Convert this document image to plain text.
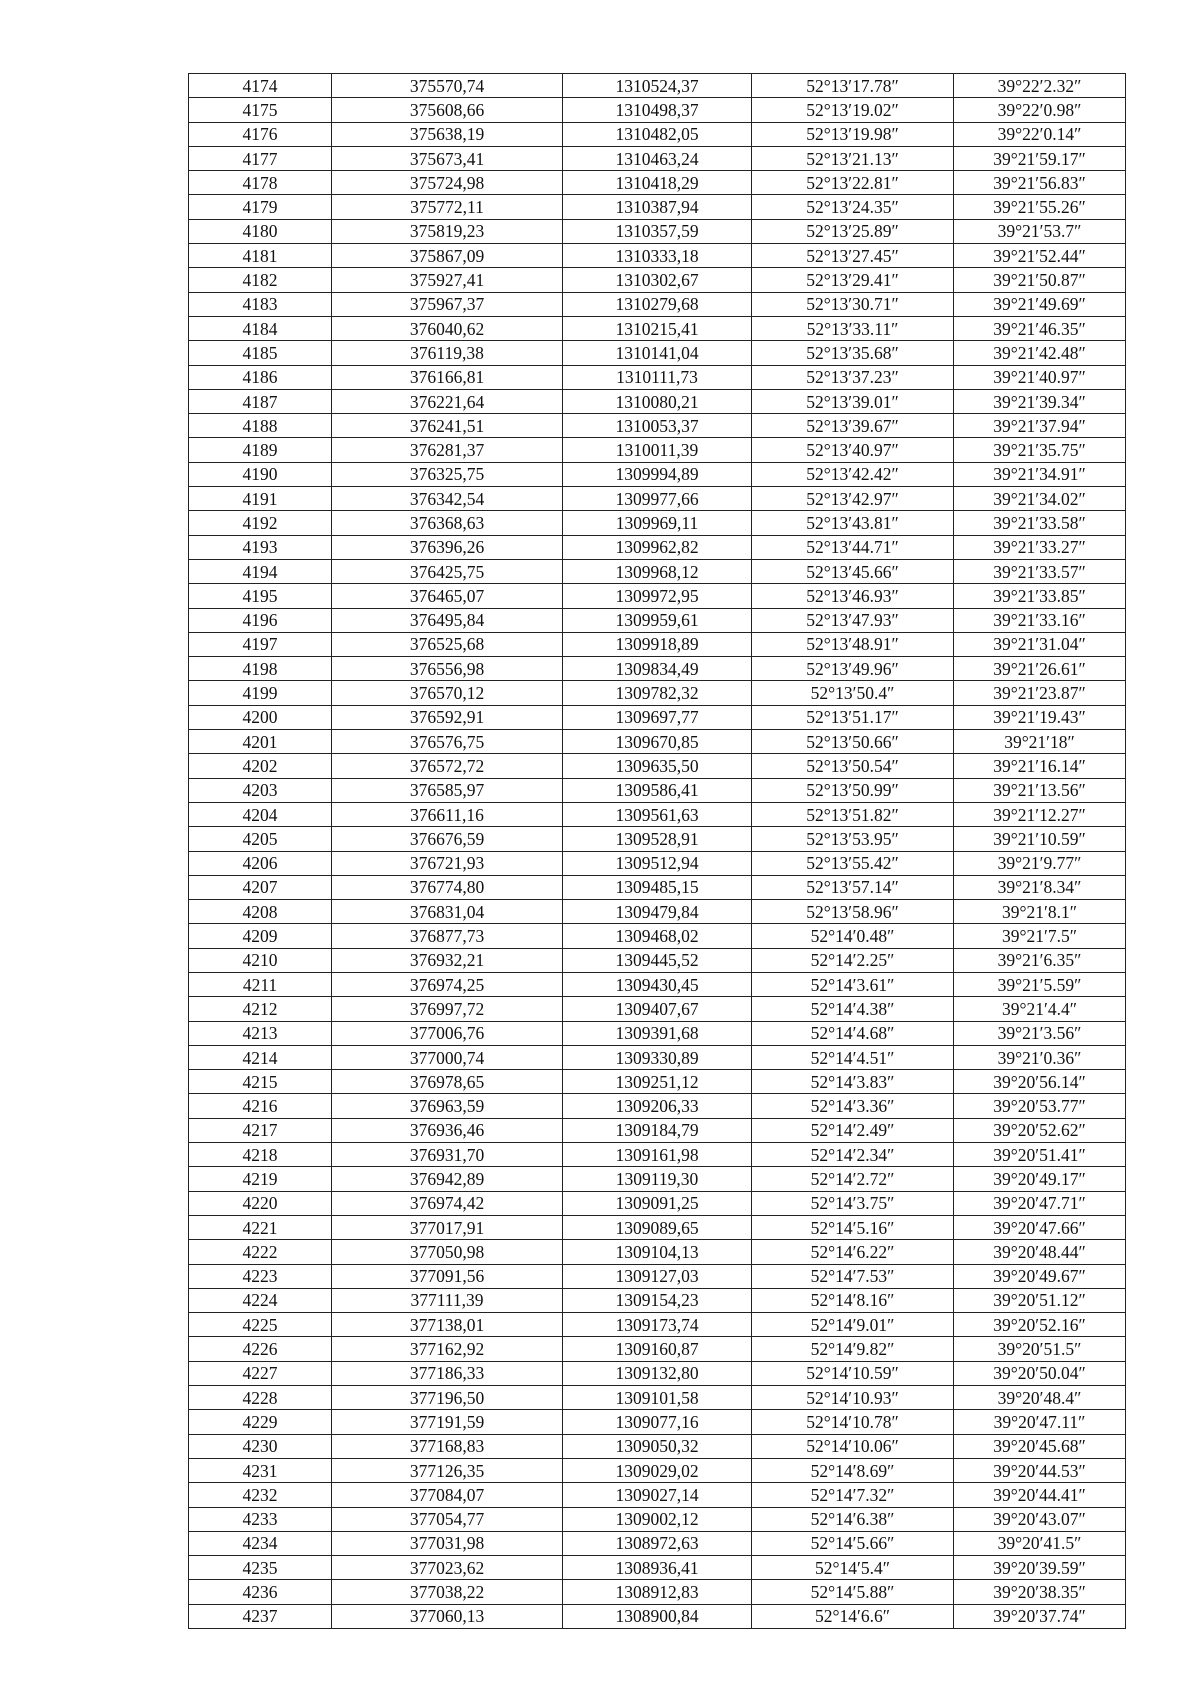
4174	375570,74	1310524,37	52°13′17.78″	39°22′2.32″
4175	375608,66	1310498,37	52°13′19.02″	39°22′0.98″
4176	375638,19	1310482,05	52°13′19.98″	39°22′0.14″
4177	375673,41	1310463,24	52°13′21.13″	39°21′59.17″
4178	375724,98	1310418,29	52°13′22.81″	39°21′56.83″
4179	375772,11	1310387,94	52°13′24.35″	39°21′55.26″
4180	375819,23	1310357,59	52°13′25.89″	39°21′53.7″
4181	375867,09	1310333,18	52°13′27.45″	39°21′52.44″
4182	375927,41	1310302,67	52°13′29.41″	39°21′50.87″
4183	375967,37	1310279,68	52°13′30.71″	39°21′49.69″
4184	376040,62	1310215,41	52°13′33.11″	39°21′46.35″
4185	376119,38	1310141,04	52°13′35.68″	39°21′42.48″
4186	376166,81	1310111,73	52°13′37.23″	39°21′40.97″
4187	376221,64	1310080,21	52°13′39.01″	39°21′39.34″
4188	376241,51	1310053,37	52°13′39.67″	39°21′37.94″
4189	376281,37	1310011,39	52°13′40.97″	39°21′35.75″
4190	376325,75	1309994,89	52°13′42.42″	39°21′34.91″
4191	376342,54	1309977,66	52°13′42.97″	39°21′34.02″
4192	376368,63	1309969,11	52°13′43.81″	39°21′33.58″
4193	376396,26	1309962,82	52°13′44.71″	39°21′33.27″
4194	376425,75	1309968,12	52°13′45.66″	39°21′33.57″
4195	376465,07	1309972,95	52°13′46.93″	39°21′33.85″
4196	376495,84	1309959,61	52°13′47.93″	39°21′33.16″
4197	376525,68	1309918,89	52°13′48.91″	39°21′31.04″
4198	376556,98	1309834,49	52°13′49.96″	39°21′26.61″
4199	376570,12	1309782,32	52°13′50.4″	39°21′23.87″
4200	376592,91	1309697,77	52°13′51.17″	39°21′19.43″
4201	376576,75	1309670,85	52°13′50.66″	39°21′18″
4202	376572,72	1309635,50	52°13′50.54″	39°21′16.14″
4203	376585,97	1309586,41	52°13′50.99″	39°21′13.56″
4204	376611,16	1309561,63	52°13′51.82″	39°21′12.27″
4205	376676,59	1309528,91	52°13′53.95″	39°21′10.59″
4206	376721,93	1309512,94	52°13′55.42″	39°21′9.77″
4207	376774,80	1309485,15	52°13′57.14″	39°21′8.34″
4208	376831,04	1309479,84	52°13′58.96″	39°21′8.1″
4209	376877,73	1309468,02	52°14′0.48″	39°21′7.5″
4210	376932,21	1309445,52	52°14′2.25″	39°21′6.35″
4211	376974,25	1309430,45	52°14′3.61″	39°21′5.59″
4212	376997,72	1309407,67	52°14′4.38″	39°21′4.4″
4213	377006,76	1309391,68	52°14′4.68″	39°21′3.56″
4214	377000,74	1309330,89	52°14′4.51″	39°21′0.36″
4215	376978,65	1309251,12	52°14′3.83″	39°20′56.14″
4216	376963,59	1309206,33	52°14′3.36″	39°20′53.77″
4217	376936,46	1309184,79	52°14′2.49″	39°20′52.62″
4218	376931,70	1309161,98	52°14′2.34″	39°20′51.41″
4219	376942,89	1309119,30	52°14′2.72″	39°20′49.17″
4220	376974,42	1309091,25	52°14′3.75″	39°20′47.71″
4221	377017,91	1309089,65	52°14′5.16″	39°20′47.66″
4222	377050,98	1309104,13	52°14′6.22″	39°20′48.44″
4223	377091,56	1309127,03	52°14′7.53″	39°20′49.67″
4224	377111,39	1309154,23	52°14′8.16″	39°20′51.12″
4225	377138,01	1309173,74	52°14′9.01″	39°20′52.16″
4226	377162,92	1309160,87	52°14′9.82″	39°20′51.5″
4227	377186,33	1309132,80	52°14′10.59″	39°20′50.04″
4228	377196,50	1309101,58	52°14′10.93″	39°20′48.4″
4229	377191,59	1309077,16	52°14′10.78″	39°20′47.11″
4230	377168,83	1309050,32	52°14′10.06″	39°20′45.68″
4231	377126,35	1309029,02	52°14′8.69″	39°20′44.53″
4232	377084,07	1309027,14	52°14′7.32″	39°20′44.41″
4233	377054,77	1309002,12	52°14′6.38″	39°20′43.07″
4234	377031,98	1308972,63	52°14′5.66″	39°20′41.5″
4235	377023,62	1308936,41	52°14′5.4″	39°20′39.59″
4236	377038,22	1308912,83	52°14′5.88″	39°20′38.35″
4237	377060,13	1308900,84	52°14′6.6″	39°20′37.74″
